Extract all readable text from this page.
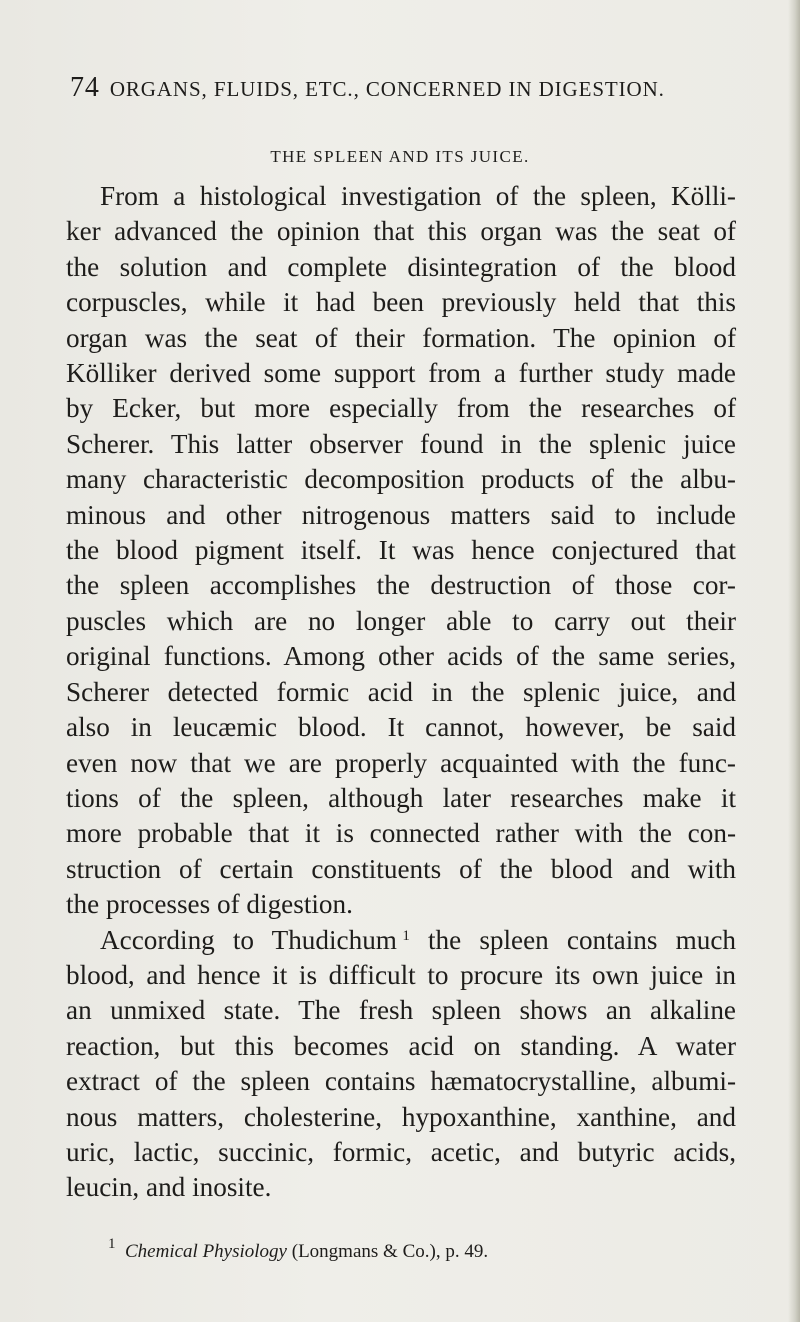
74 ORGANS, FLUIDS, ETC., CONCERNED IN DIGESTION.
THE SPLEEN AND ITS JUICE.
From a histological investigation of the spleen, Kölli-
ker advanced the opinion that this organ was the seat of
the solution and complete disintegration of the blood
corpuscles, while it had been previously held that this
organ was the seat of their formation. The opinion of
Kölliker derived some support from a further study made
by Ecker, but more especially from the researches of
Scherer. This latter observer found in the splenic juice
many characteristic decomposition products of the albu-
minous and other nitrogenous matters said to include
the blood pigment itself. It was hence conjectured that
the spleen accomplishes the destruction of those cor-
puscles which are no longer able to carry out their
original functions. Among other acids of the same series,
Scherer detected formic acid in the splenic juice, and
also in leucæmic blood. It cannot, however, be said
even now that we are properly acquainted with the func-
tions of the spleen, although later researches make it
more probable that it is connected rather with the con-
struction of certain constituents of the blood and with
the processes of digestion.
According to Thudichum  $^1$ the spleen contains much
blood, and hence it is difficult to procure its own juice in
an unmixed state. The fresh spleen shows an alkaline
reaction, but this becomes acid on standing. A water
extract of the spleen contains hæmatocrystalline, albumi-
nous matters, cholesterine, hypoxanthine, xanthine, and
uric, lactic, succinic, formic, acetic, and butyric acids,
leucin, and inosite.
$^1$  Chemical Physiology (Longmans & Co.), p. 49.
